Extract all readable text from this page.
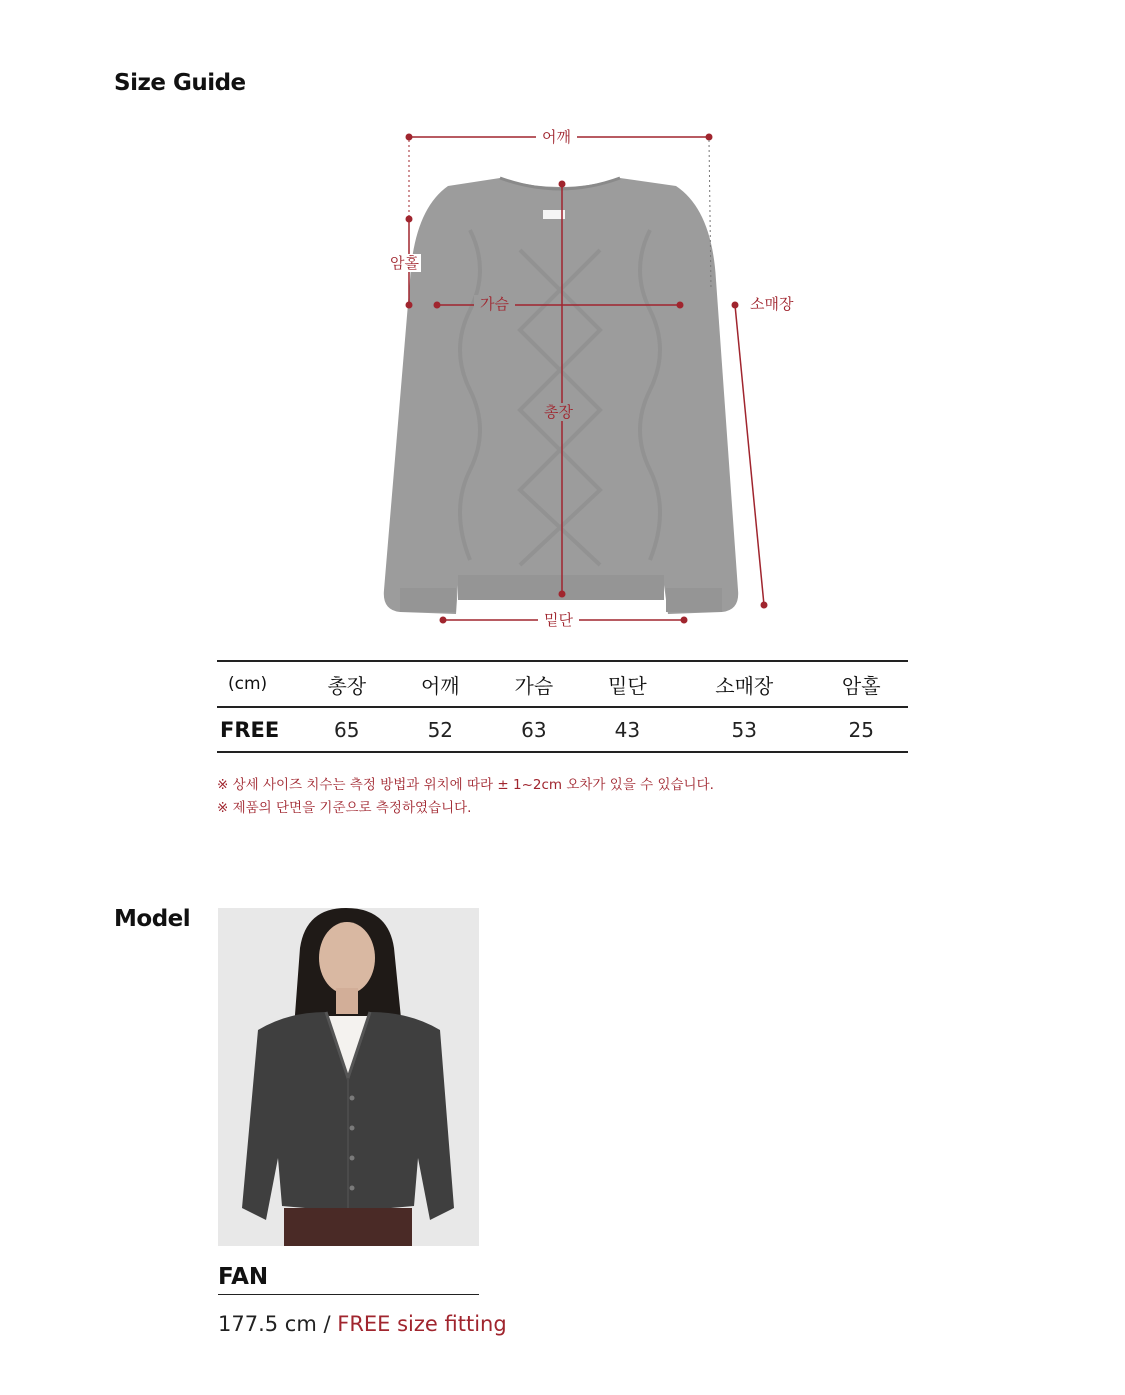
Size Guide
어깨
암홀
가슴	소매장
총장
밑단
(cm)	총장	어깨	가슴	밑단	소매장	암홀
FREE	65	52	63	43	53	25
※ 상세 사이즈 치수는 측정 방법과 위치에 따라 ± 1~2cm 오차가 있을 수 있습니다.
※ 제품의 단면을 기준으로 측정하였습니다.
Model
FAN
177.5 cm / FREE size fitting
